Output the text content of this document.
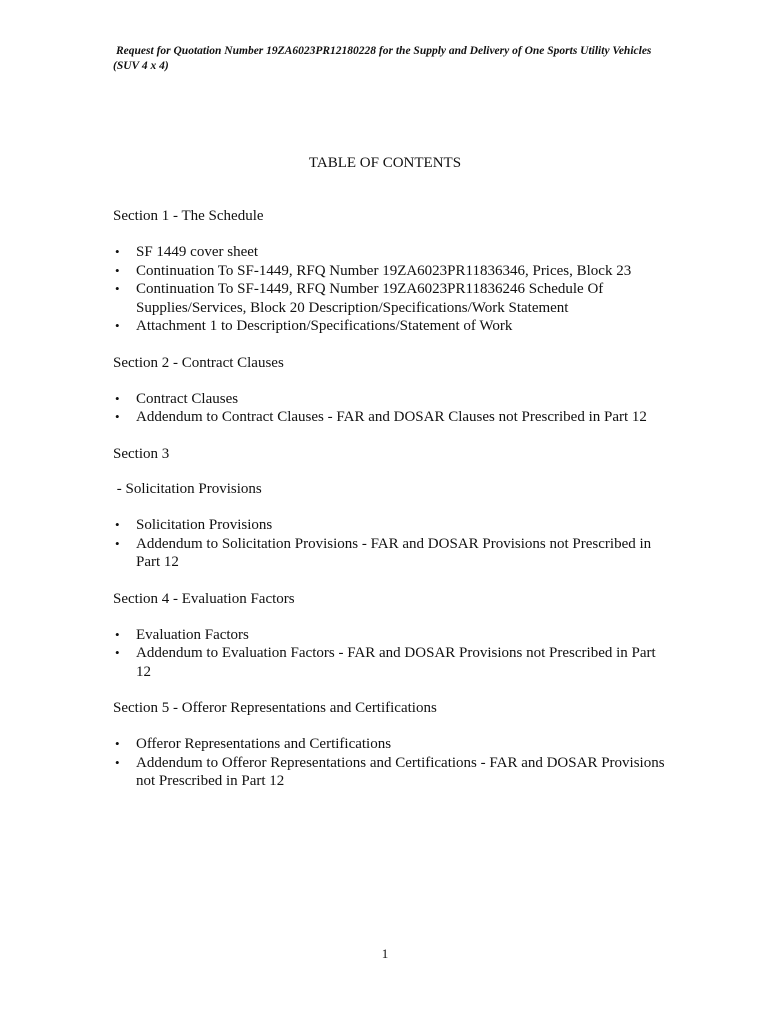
Request for Quotation Number 19ZA6023PR12180228 for the Supply and Delivery of One Sports Utility Vehicles
(SUV 4 x 4)
TABLE OF CONTENTS
Section 1 - The Schedule
• SF 1449 cover sheet
• Continuation To SF-1449, RFQ Number 19ZA6023PR11836346, Prices, Block 23
• Continuation To SF-1449, RFQ Number 19ZA6023PR11836246 Schedule Of Supplies/Services, Block 20 Description/Specifications/Work Statement
• Attachment 1 to Description/Specifications/Statement of Work
Section 2 - Contract Clauses
• Contract Clauses
• Addendum to Contract Clauses - FAR and DOSAR Clauses not Prescribed in Part 12
Section 3
- Solicitation Provisions
• Solicitation Provisions
• Addendum to Solicitation Provisions - FAR and DOSAR Provisions not Prescribed in Part 12
Section 4 - Evaluation Factors
• Evaluation Factors
• Addendum to Evaluation Factors - FAR and DOSAR Provisions not Prescribed in Part 12
Section 5 - Offeror Representations and Certifications
• Offeror Representations and Certifications
• Addendum to Offeror Representations and Certifications - FAR and DOSAR Provisions not Prescribed in Part 12
1
